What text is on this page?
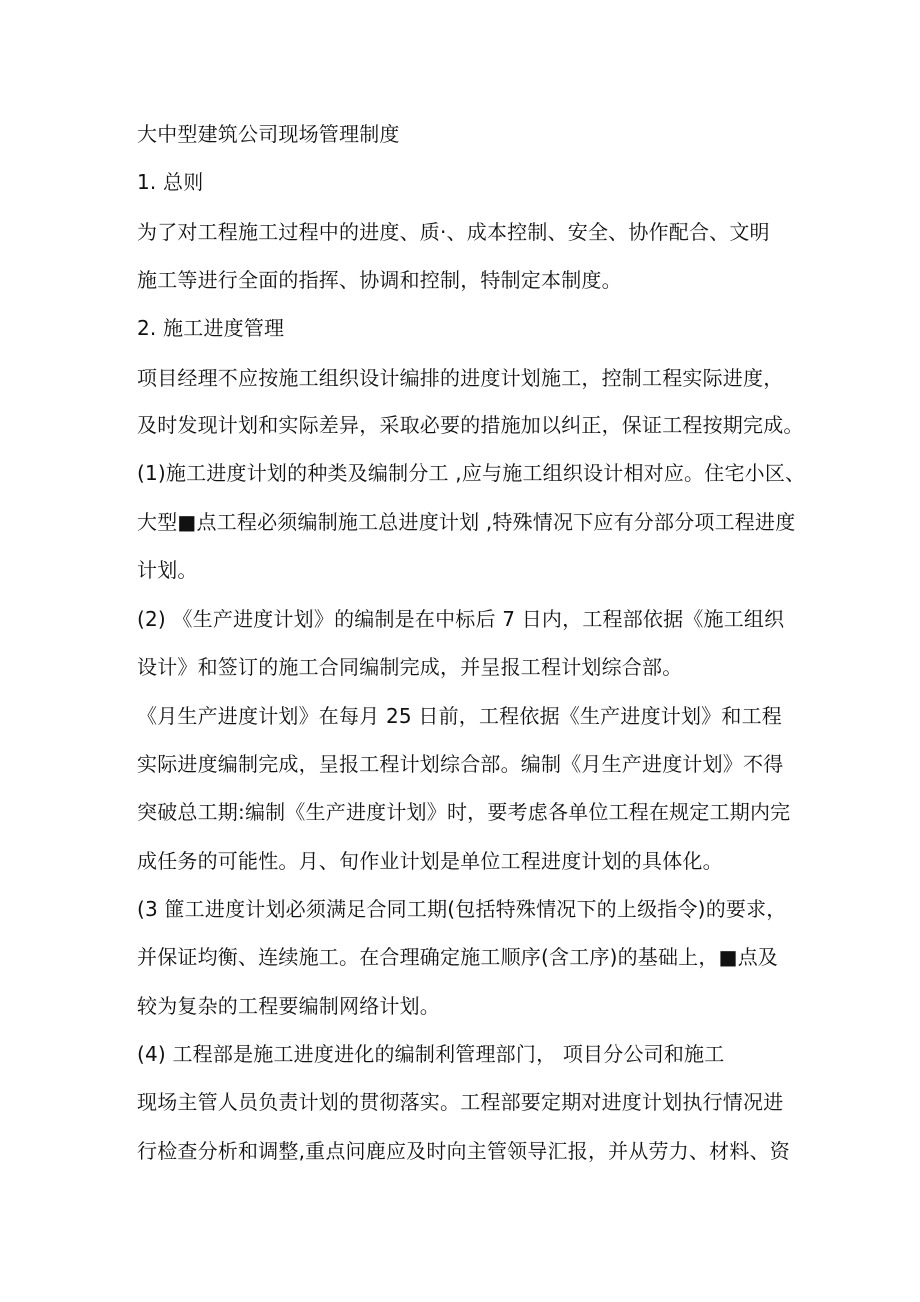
大中型建筑公司现场管理制度
1. 总则
为了对工程施工过程中的进度、质·、成本控制、安全、协作配合、文明
施工等进行全面的指挥、协调和控制，特制定本制度。
2. 施工进度管理
项目经理不应按施工组织设计编排的进度计划施工，控制工程实际进度，
及时发现计划和实际差异，采取必要的措施加以纠正，保证工程按期完成。
(1)施工进度计划的种类及编制分工 ,应与施工组织设计相对应。住宅小区、
大型■点工程必须编制施工总进度计划 ,特殊情况下应有分部分项工程进度
计划。
(2) 《生产进度计划》的编制是在中标后 7 日内，工程部依据《施工组织
设计》和签订的施工合同编制完成，并呈报工程计划综合部。
《月生产进度计划》在每月 25 日前，工程依据《生产进度计划》和工程
实际进度编制完成，呈报工程计划综合部。编制《月生产进度计划》不得
突破总工期:编制《生产进度计划》时，要考虑各单位工程在规定工期内完
成任务的可能性。月、旬作业计划是单位工程进度计划的具体化。
(3 篚工进度计划必须满足合同工期(包括特殊情况下的上级指令)的要求，
并保证均衡、连续施工。在合理确定施工顺序(含工序)的基础上，■点及
较为复杂的工程要编制网络计划。
(4) 工程部是施工进度进化的编制利管理部门， 项目分公司和施工
现场主管人员负责计划的贯彻落实。工程部要定期对进度计划执行情况进
行检查分析和调整,重点问鹿应及时向主管领导汇报，并从劳力、材料、资
